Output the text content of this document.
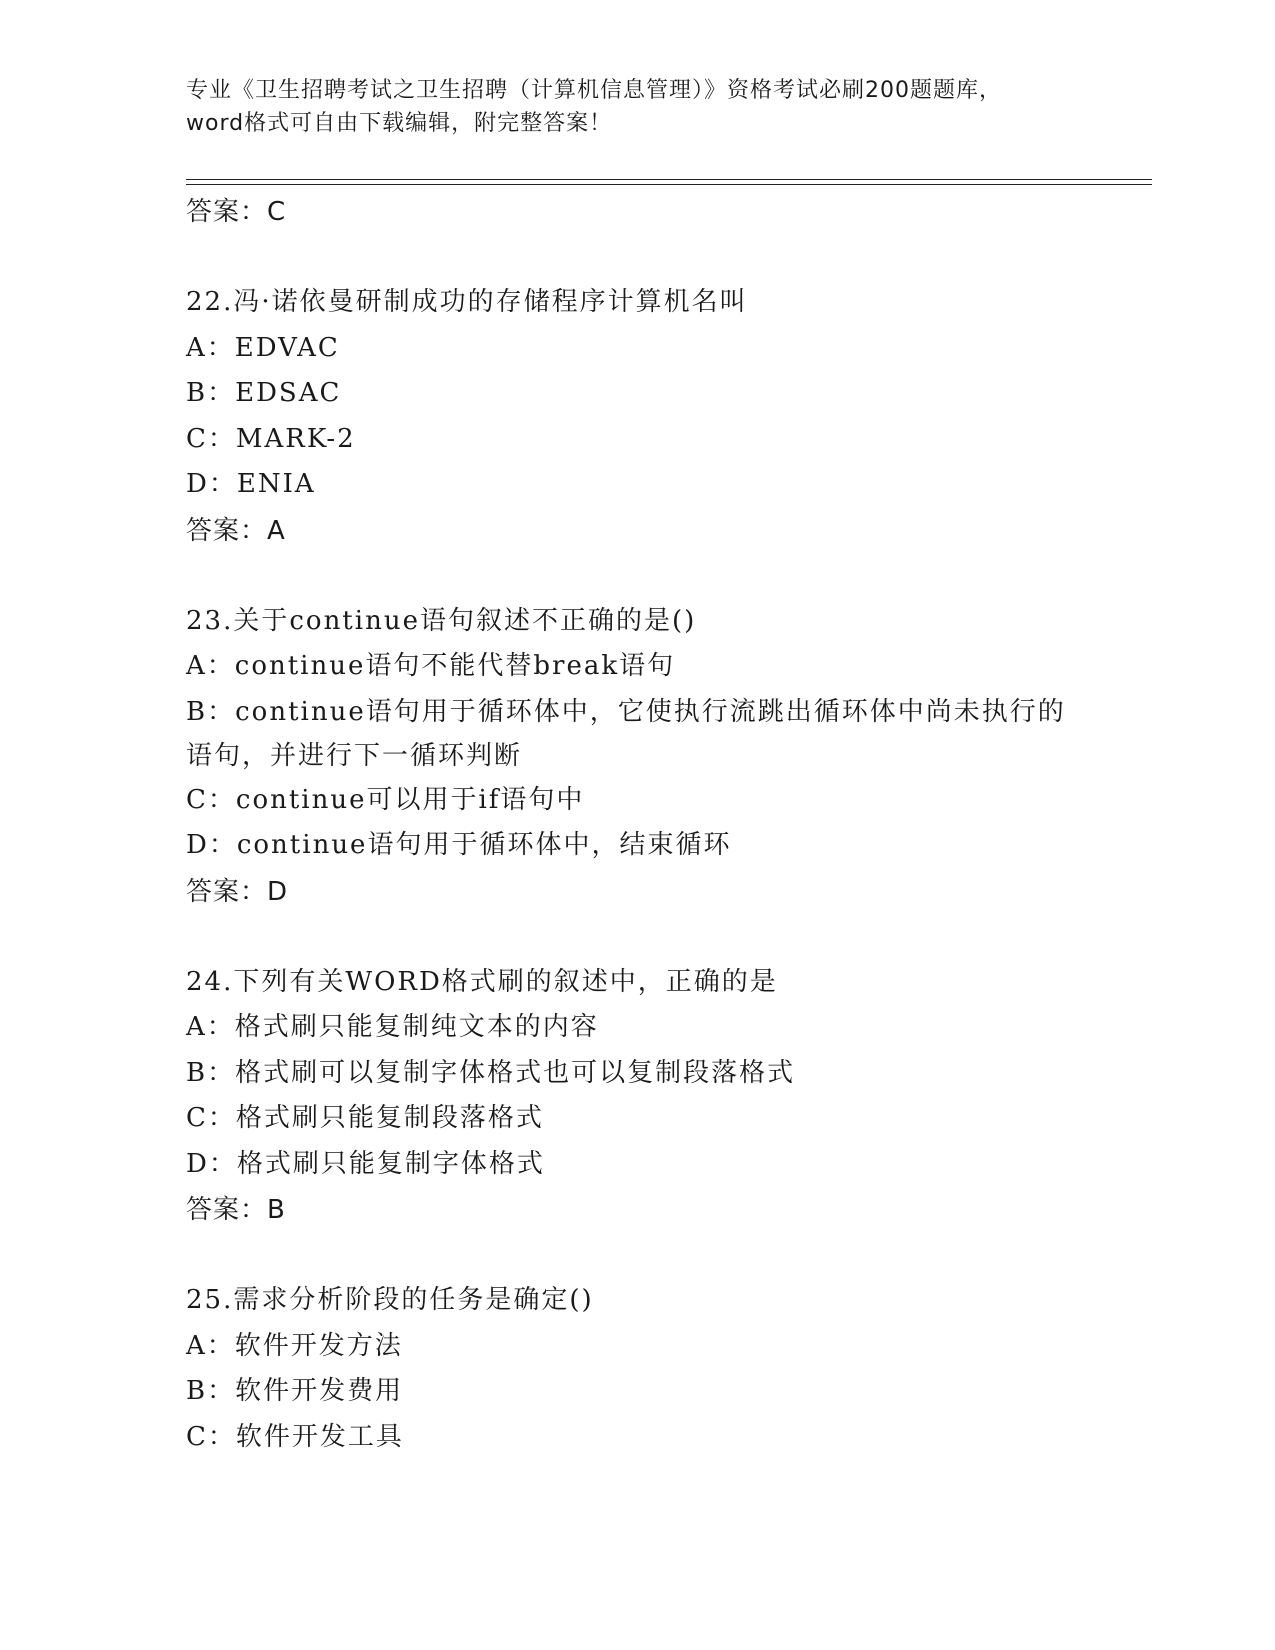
专业《卫生招聘考试之卫生招聘（计算机信息管理）》资格考试必刷200题题库，
word格式可自由下载编辑，附完整答案！

答案：C

22.冯·诺依曼研制成功的存储程序计算机名叫

A：EDVAC

B：EDSAC

C：MARK-2

D：ENIA

答案：A

23.关于continue语句叙述不正确的是()

A：continue语句不能代替break语句

B：continue语句用于循环体中，它使执行流跳出循环体中尚未执行的语句，并进行下一循环判断

C：continue可以用于if语句中

D：continue语句用于循环体中，结束循环

答案：D

24.下列有关WORD格式刷的叙述中，正确的是

A：格式刷只能复制纯文本的内容

B：格式刷可以复制字体格式也可以复制段落格式

C：格式刷只能复制段落格式

D：格式刷只能复制字体格式

答案：B

25.需求分析阶段的任务是确定()

A：软件开发方法

B：软件开发费用

C：软件开发工具
